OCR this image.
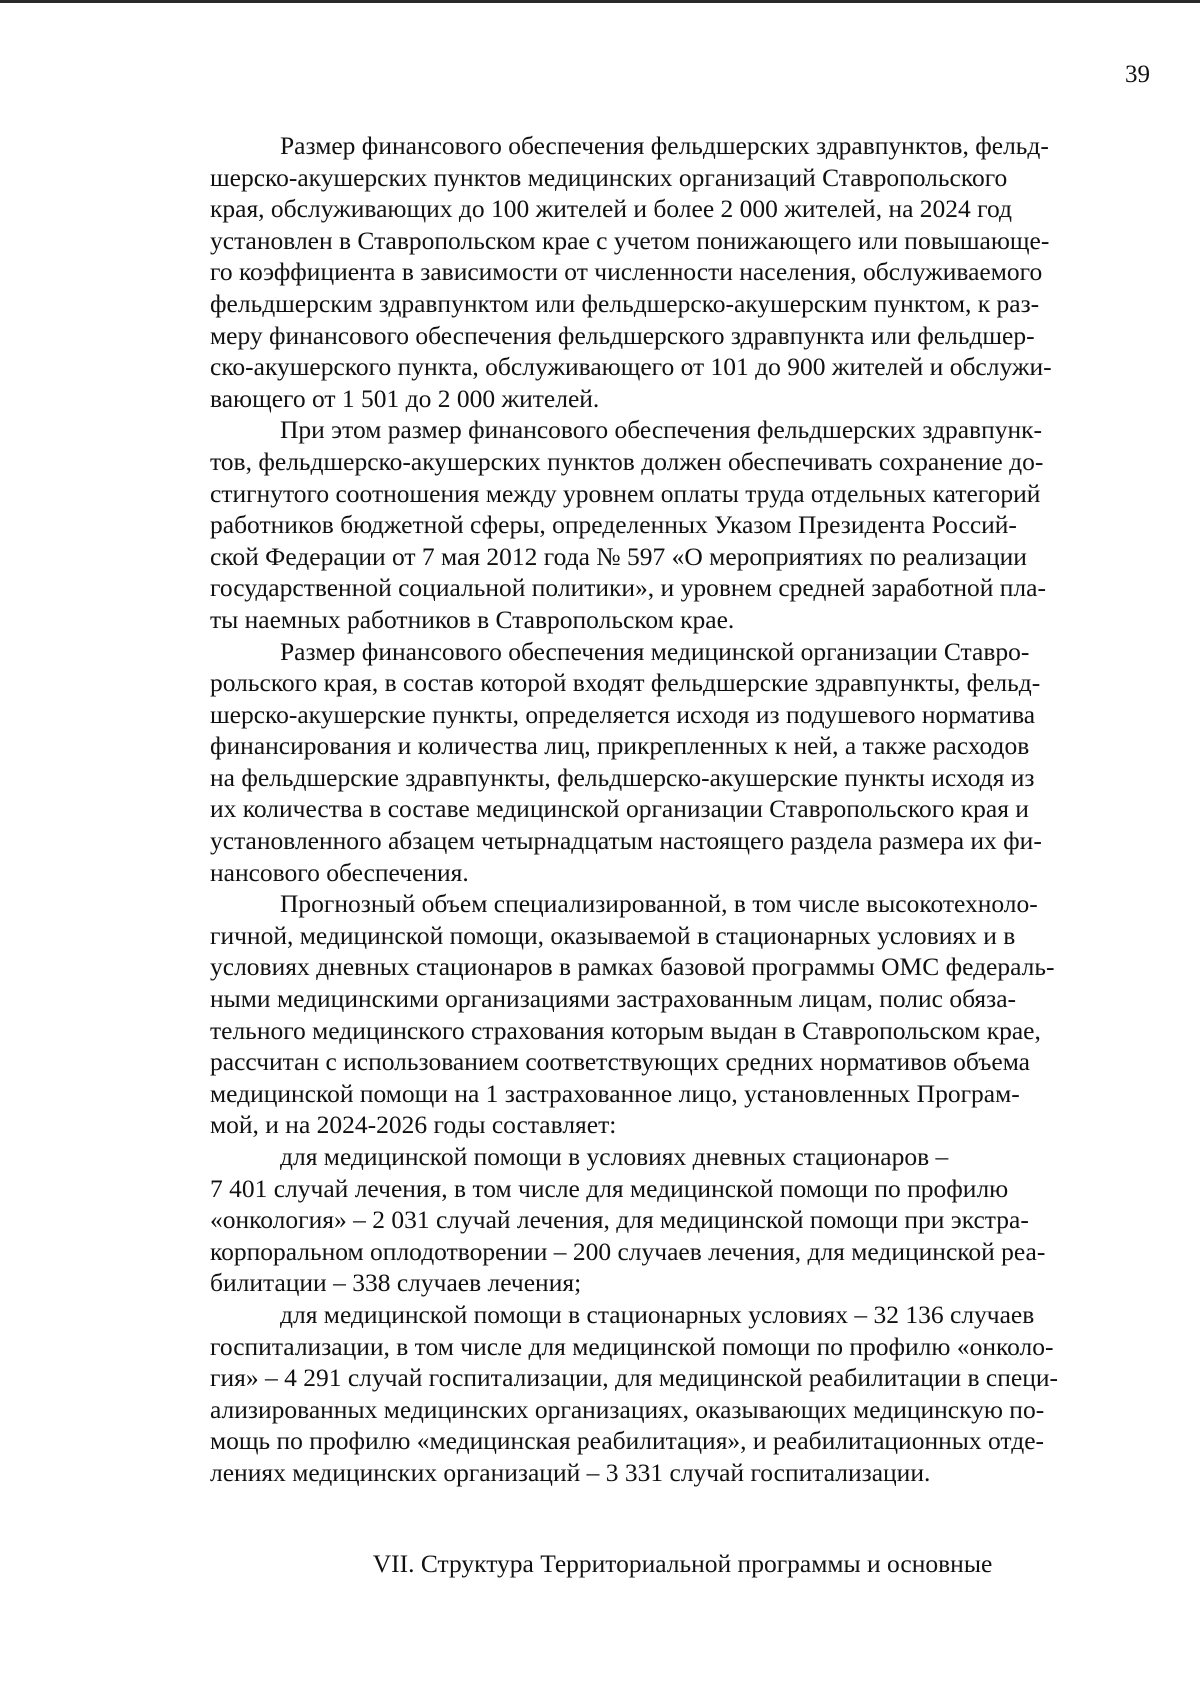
39

Размер финансового обеспечения фельдшерских здравпунктов, фельд-
шерско-акушерских пунктов медицинских организаций Ставропольского
края, обслуживающих до 100 жителей и более 2 000 жителей, на 2024 год
установлен в Ставропольском крае с учетом понижающего или повышающе-
го коэффициента в зависимости от численности населения, обслуживаемого
фельдшерским здравпунктом или фельдшерско-акушерским пунктом, к раз-
меру финансового обеспечения фельдшерского здравпункта или фельдшер-
ско-акушерского пункта, обслуживающего от 101 до 900 жителей и обслужи-
вающего от 1 501 до 2 000 жителей.

При этом размер финансового обеспечения фельдшерских здравпунк-
тов, фельдшерско-акушерских пунктов должен обеспечивать сохранение до-
стигнутого соотношения между уровнем оплаты труда отдельных категорий
работников бюджетной сферы, определенных Указом Президента Россий-
ской Федерации от 7 мая 2012 года № 597 «О мероприятиях по реализации
государственной социальной политики», и уровнем средней заработной пла-
ты наемных работников в Ставропольском крае.

Размер финансового обеспечения медицинской организации Ставро-
pольского края, в состав которой входят фельдшерские здравпункты, фельд-
шерско-акушерские пункты, определяется исходя из подушевого норматива
финансирования и количества лиц, прикрепленных к ней, а также расходов
на фельдшерские здравпункты, фельдшерско-акушерские пункты исходя из
их количества в составе медицинской организации Ставропольского края и
установленного абзацем четырнадцатым настоящего раздела размера их фи-
нансового обеспечения.

Прогнозный объем специализированной, в том числе высокотехноло-
гичной, медицинской помощи, оказываемой в стационарных условиях и в
условиях дневных стационаров в рамках базовой программы ОМС федераль-
ными медицинскими организациями застрахованным лицам, полис обяза-
тельного медицинского страхования которым выдан в Ставропольском крае,
рассчитан с использованием соответствующих средних нормативов объема
медицинской помощи на 1 застрахованное лицо, установленных Програм-
мой, и на 2024-2026 годы составляет:

для медицинской помощи в условиях дневных стационаров –
7 401 случай лечения, в том числе для медицинской помощи по профилю
«онкология» – 2 031 случай лечения, для медицинской помощи при экстра-
корпоральном оплодотворении – 200 случаев лечения, для медицинской реа-
билитации – 338 случаев лечения;

для медицинской помощи в стационарных условиях – 32 136 случаев
госпитализации, в том числе для медицинской помощи по профилю «онколо-
гия» – 4 291 случай госпитализации, для медицинской реабилитации в специ-
ализированных медицинских организациях, оказывающих медицинскую по-
мощь по профилю «медицинская реабилитация», и реабилитационных отде-
лениях медицинских организаций – 3 331 случай госпитализации.

VII. Структура Территориальной программы и основные
